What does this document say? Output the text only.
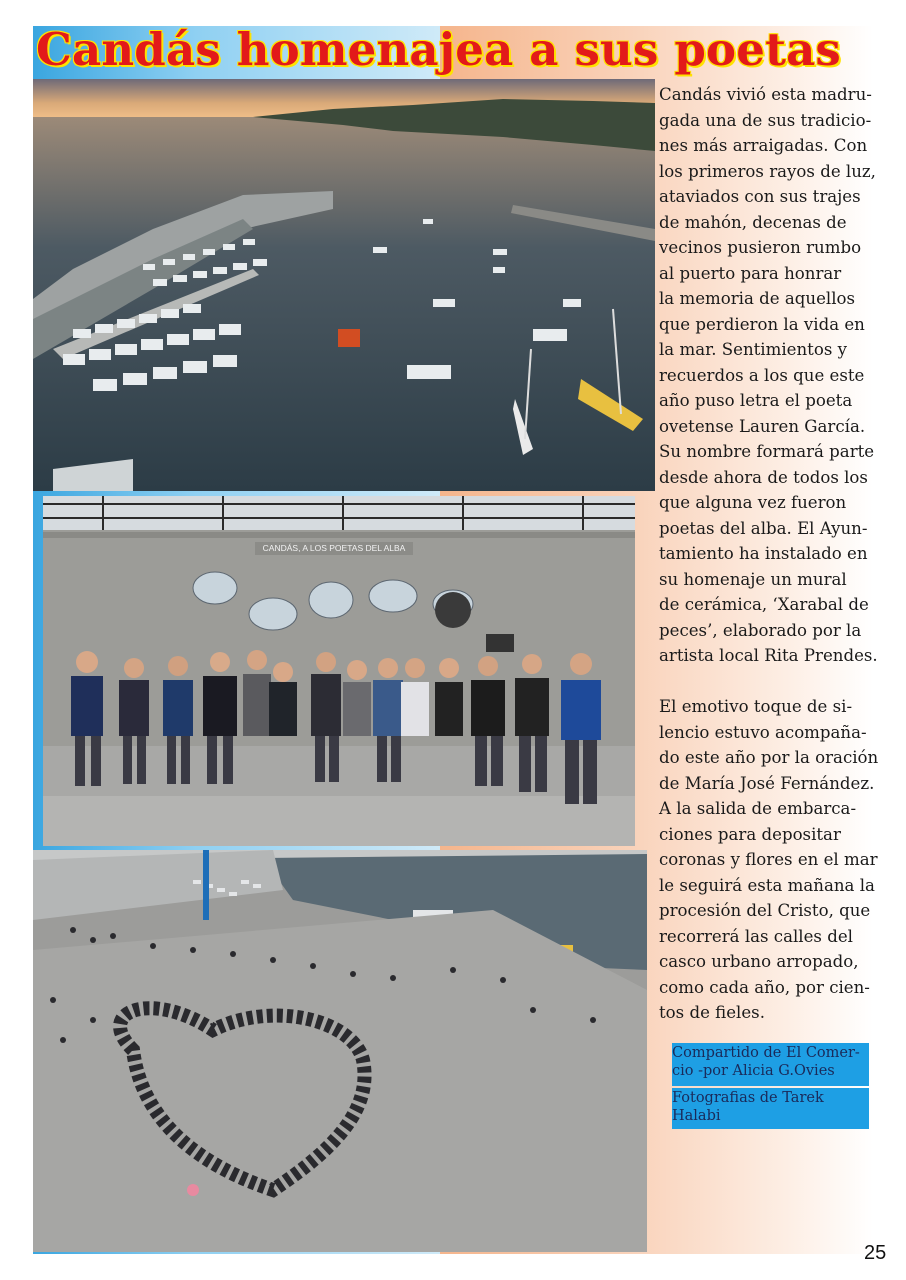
Candás homenajea a sus poetas
CANDÁS, A LOS POETAS DEL ALBA
Candás vivió esta madru-
gada una de sus tradicio-
nes más arraigadas. Con
los primeros rayos de luz,
ataviados con sus trajes
de mahón, decenas de
vecinos pusieron rumbo
al puerto para honrar
la memoria de aquellos
que perdieron la vida en
la mar. Sentimientos y
recuerdos a los que este
año puso letra el poeta
ovetense Lauren García.
Su nombre formará parte
desde ahora de todos los
que alguna vez fueron
poetas del alba. El Ayun-
tamiento ha instalado en
su homenaje un mural
de cerámica, ‘Xarabal de
peces’, elaborado por la
artista local Rita Prendes.
El emotivo toque de si-
lencio estuvo acompaña-
do este año por la oración
de María José Fernández.
A la salida de embarca-
ciones para depositar
coronas y flores en el mar
le seguirá esta mañana la
procesión del Cristo, que
recorrerá las calles del
casco urbano arropado,
como cada año, por cien-
tos de fieles.
Compartido de El Comer-
cio -por Alicia G.Ovies
Fotografias de Tarek
Halabi
25
